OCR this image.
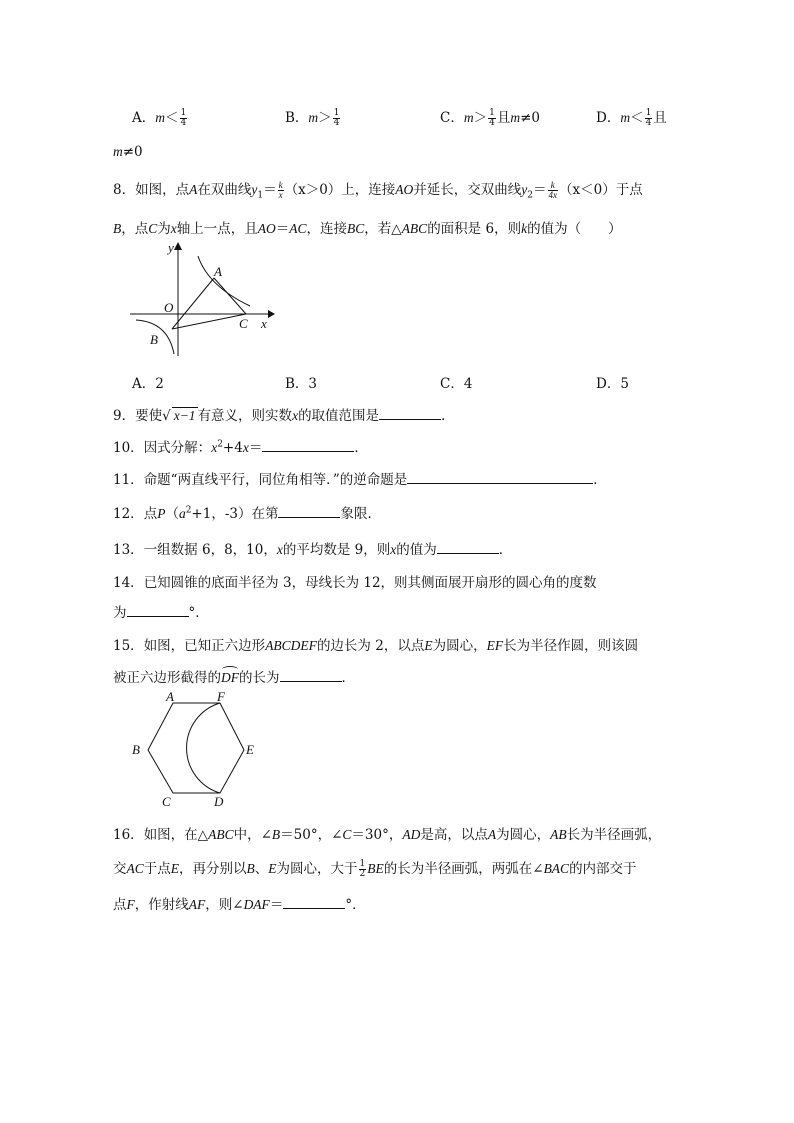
A．$m< \frac{1}{4}$	B．$m> \frac{1}{4}$	C．$m> \frac{1}{4}$ 且m≠0	D．$m< \frac{1}{4}$ 且
m≠0
8．如图，点A在双曲线$y_1= \frac{k}{x} (x>0)$上，连接AO并延长，交双曲线$y_2= \frac{k}{4x} (x<0)$于点
B，点C为x轴上一点，且AO＝AC，连接BC，若△ABC的面积是 6，则k的值为（　　）
y
x
O
A
B
C
A．2	B．3	C．4	D．5
9．要使√ x−1 有意义，则实数x的取值范围是	．
10．因式分解：$x^2+4x=$	．
11．命题“两直线平行，同位角相等．”的逆命题是	．
12．点$P(a^2+1$，-3）在第	象限．
13．一组数据 6，8，10，x的平均数是 9，则x的值为	．
14．已知圆锥的底面半径为 3，母线长为 12，则其侧面展开扇形的圆心角的度数
为	°．
15．如图，已知正六边形ABCDEF的边长为 2，以点E为圆心，EF长为半径作圆，则该圆
被正六边形截得的DF的长为	．
A	F
B	E
C	D
16．如图，在△ABC中，∠B＝50°，∠C＝30°，AD是高，以点A为圆心，AB长为半径画弧，
交AC于点E，再分别以B、E为圆心，大于 $\frac{1}{2}$ BE的长为半径画弧，两弧在∠BAC的内部交于
点F，作射线AF，则∠DAF＝	°．
